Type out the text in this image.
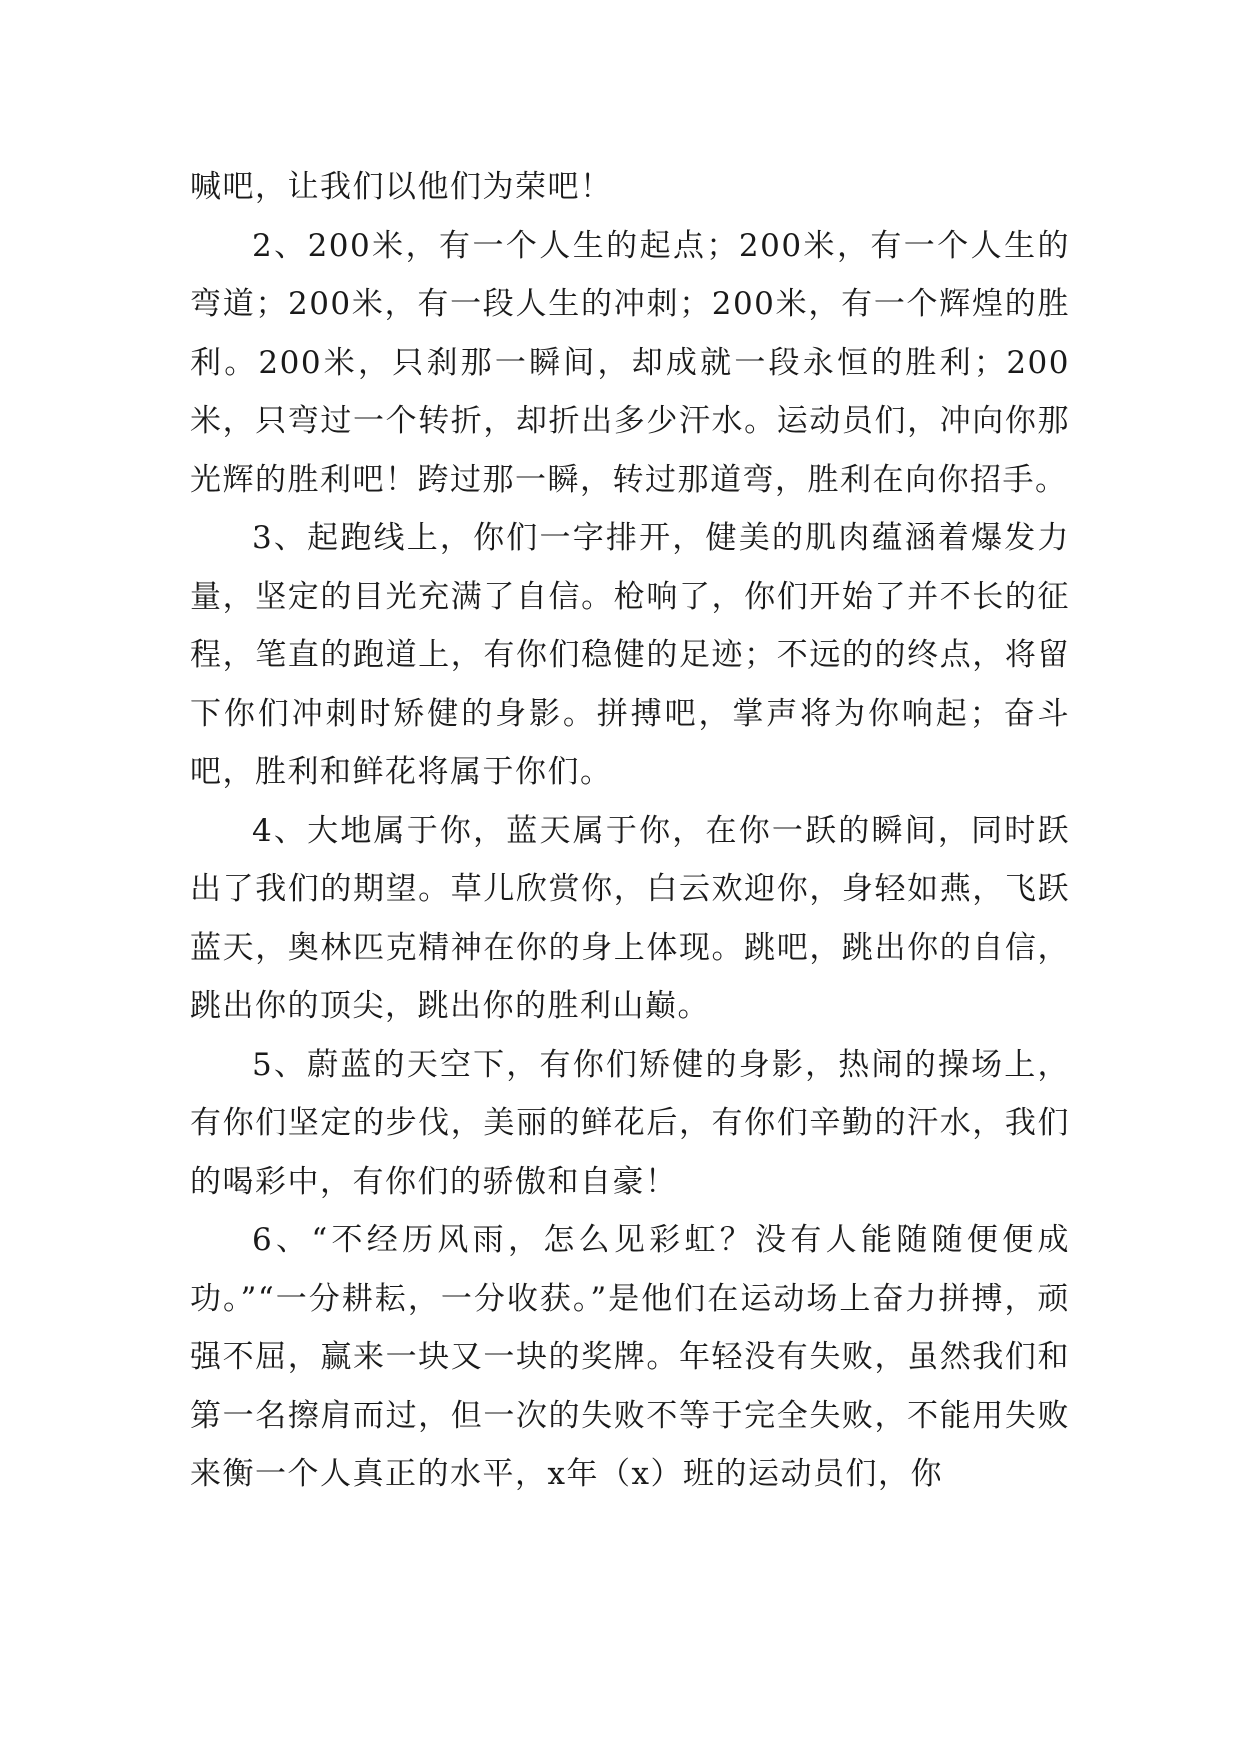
喊吧，让我们以他们为荣吧！

2、200米，有一个人生的起点；200米，有一个人生的弯道；200米，有一段人生的冲刺；200米，有一个辉煌的胜利。200米，只刹那一瞬间，却成就一段永恒的胜利；200米，只弯过一个转折，却折出多少汗水。运动员们，冲向你那光辉的胜利吧！跨过那一瞬，转过那道弯，胜利在向你招手。

3、起跑线上，你们一字排开，健美的肌肉蕴涵着爆发力量，坚定的目光充满了自信。枪响了，你们开始了并不长的征程，笔直的跑道上，有你们稳健的足迹；不远的的终点，将留下你们冲刺时矫健的身影。拼搏吧，掌声将为你响起；奋斗吧，胜利和鲜花将属于你们。

4、大地属于你，蓝天属于你，在你一跃的瞬间，同时跃出了我们的期望。草儿欣赏你，白云欢迎你，身轻如燕，飞跃蓝天，奥林匹克精神在你的身上体现。跳吧，跳出你的自信，跳出你的顶尖，跳出你的胜利山巅。

5、蔚蓝的天空下，有你们矫健的身影，热闹的操场上，有你们坚定的步伐，美丽的鲜花后，有你们辛勤的汗水，我们的喝彩中，有你们的骄傲和自豪！

6、“不经历风雨，怎么见彩虹？没有人能随随便便成功。”“一分耕耘，一分收获。”是他们在运动场上奋力拼搏，顽强不屈，赢来一块又一块的奖牌。年轻没有失败，虽然我们和第一名擦肩而过，但一次的失败不等于完全失败，不能用失败来衡一个人真正的水平，x年（x）班的运动员们，你
